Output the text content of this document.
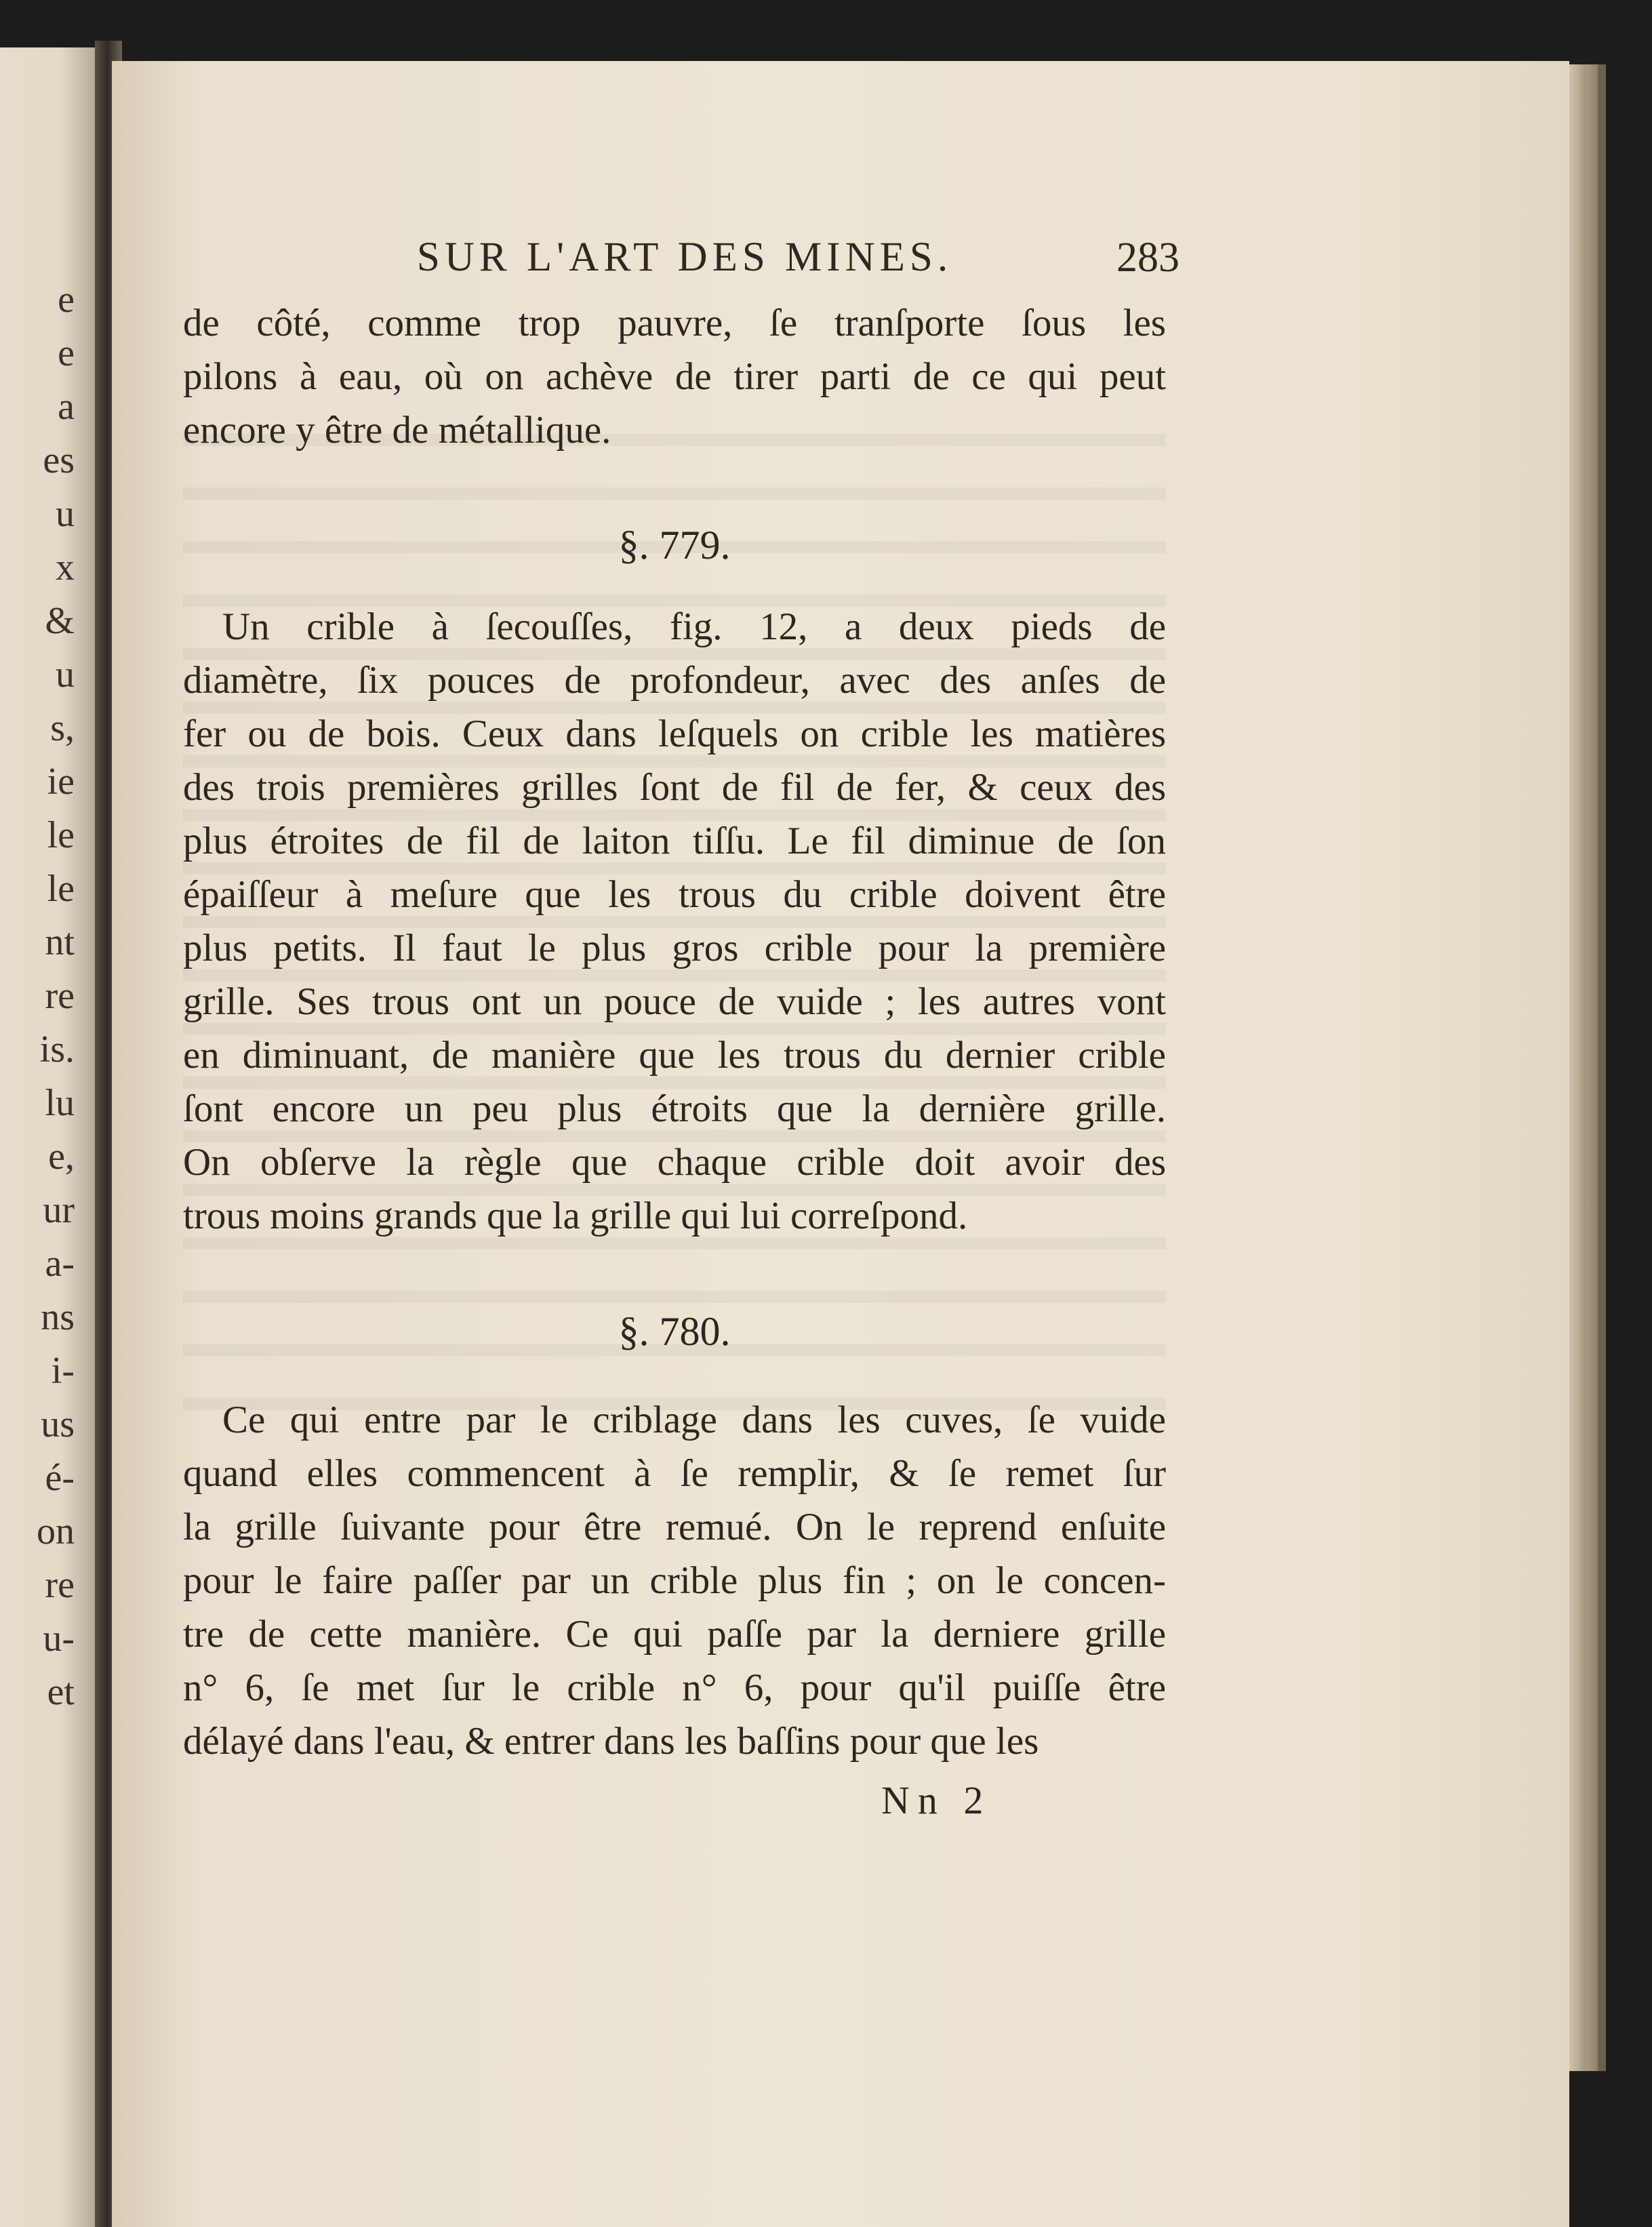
e
e
a
es
u
x
&
u
s,
ie
le
le
nt
re
is.
lu
e,
ur
a-
ns
i-
us
é-
on
re
u-
et
SUR L'ART DES MINES.	283
de côté, comme trop pauvre, ſe tranſporte ſous les
pilons à eau, où on achève de tirer parti de ce qui peut
encore y être de métallique.
§. 779.
Un crible à ſecouſſes, fig. 12, a deux pieds de
diamètre, ſix pouces de profondeur, avec des anſes de
fer ou de bois. Ceux dans leſquels on crible les matières
des trois premières grilles ſont de fil de fer, & ceux des
plus étroites de fil de laiton tiſſu. Le fil diminue de ſon
épaiſſeur à meſure que les trous du crible doivent être
plus petits. Il faut le plus gros crible pour la première
grille. Ses trous ont un pouce de vuide ; les autres vont
en diminuant, de manière que les trous du dernier crible
ſont encore un peu plus étroits que la dernière grille.
On obſerve la règle que chaque crible doit avoir des
trous moins grands que la grille qui lui correſpond.
§. 780.
Ce qui entre par le criblage dans les cuves, ſe vuide
quand elles commencent à ſe remplir, & ſe remet ſur
la grille ſuivante pour être remué. On le reprend enſuite
pour le faire paſſer par un crible plus fin ; on le concen-
tre de cette manière. Ce qui paſſe par la derniere grille
n° 6, ſe met ſur le crible n° 6, pour qu'il puiſſe être
délayé dans l'eau, & entrer dans les baſſins pour que les
Nn 2
